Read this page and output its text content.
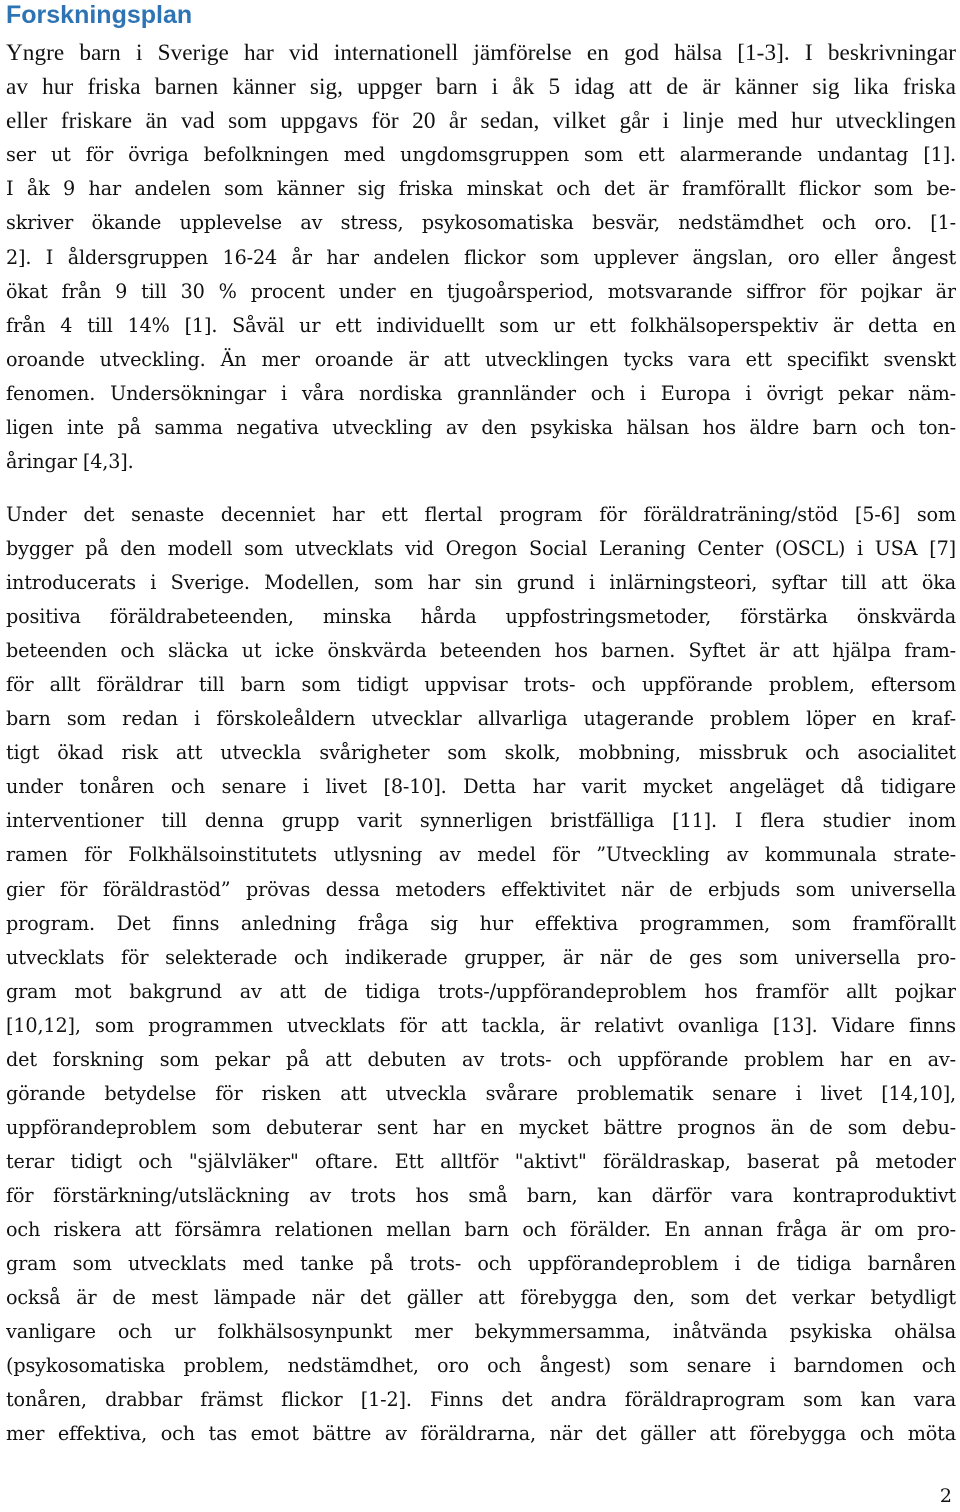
Forskningsplan
Yngre barn i Sverige har vid internationell jämförelse en god hälsa [1-3]. I beskrivningar
av hur friska barnen känner sig, uppger barn i åk 5 idag att de är känner sig lika friska
eller friskare än vad som uppgavs för 20 år sedan, vilket går i linje med hur utvecklingen
ser ut för övriga befolkningen med ungdomsgruppen som ett alarmerande undantag [1].
I åk 9 har andelen som känner sig friska minskat och det är framförallt flickor som be-
skriver ökande upplevelse av stress, psykosomatiska besvär, nedstämdhet och oro. [1-
2]. I åldersgruppen 16-24 år har andelen flickor som upplever ängslan, oro eller ångest
ökat från 9 till 30 % procent under en tjugoårsperiod, motsvarande siffror för pojkar är
från 4 till 14% [1]. Såväl ur ett individuellt som ur ett folkhälsoperspektiv är detta en
oroande utveckling. Än mer oroande är att utvecklingen tycks vara ett specifikt svenskt
fenomen. Undersökningar i våra nordiska grannländer och i Europa i övrigt pekar näm-
ligen inte på samma negativa utveckling av den psykiska hälsan hos äldre barn och ton-
åringar [4,3].
Under det senaste decenniet har ett flertal program för föräldraträning/stöd [5-6] som
bygger på den modell som utvecklats vid Oregon Social Leraning Center (OSCL) i USA [7]
introducerats i Sverige. Modellen, som har sin grund i inlärningsteori, syftar till att öka
positiva föräldrabeteenden, minska hårda uppfostringsmetoder, förstärka önskvärda
beteenden och släcka ut icke önskvärda beteenden hos barnen. Syftet är att hjälpa fram-
för allt föräldrar till barn som tidigt uppvisar trots- och uppförande problem, eftersom
barn som redan i förskoleåldern utvecklar allvarliga utagerande problem löper en kraf-
tigt ökad risk att utveckla svårigheter som skolk, mobbning, missbruk och asocialitet
under tonåren och senare i livet [8-10]. Detta har varit mycket angeläget då tidigare
interventioner till denna grupp varit synnerligen bristfälliga [11]. I flera studier inom
ramen för Folkhälsoinstitutets utlysning av medel för ”Utveckling av kommunala strate-
gier för föräldrastöd” prövas dessa metoders effektivitet när de erbjuds som universella
program. Det finns anledning fråga sig hur effektiva programmen, som framförallt
utvecklats för selekterade och indikerade grupper, är när de ges som universella pro-
gram mot bakgrund av att de tidiga trots-/uppförandeproblem hos framför allt pojkar
[10,12], som programmen utvecklats för att tackla, är relativt ovanliga [13]. Vidare finns
det forskning som pekar på att debuten av trots- och uppförande problem har en av-
görande betydelse för risken att utveckla svårare problematik senare i livet [14,10],
uppförandeproblem som debuterar sent har en mycket bättre prognos än de som debu-
terar tidigt och "självläker" oftare. Ett alltför "aktivt" föräldraskap, baserat på metoder
för förstärkning/utsläckning av trots hos små barn, kan därför vara kontraproduktivt
och riskera att försämra relationen mellan barn och förälder. En annan fråga är om pro-
gram som utvecklats med tanke på trots- och uppförandeproblem i de tidiga barnåren
också är de mest lämpade när det gäller att förebygga den, som det verkar betydligt
vanligare och ur folkhälsosynpunkt mer bekymmersamma, inåtvända psykiska ohälsa
(psykosomatiska problem, nedstämdhet, oro och ångest) som senare i barndomen och
tonåren, drabbar främst flickor [1-2]. Finns det andra föräldraprogram som kan vara
mer effektiva, och tas emot bättre av föräldrarna, när det gäller att förebygga och möta

2
